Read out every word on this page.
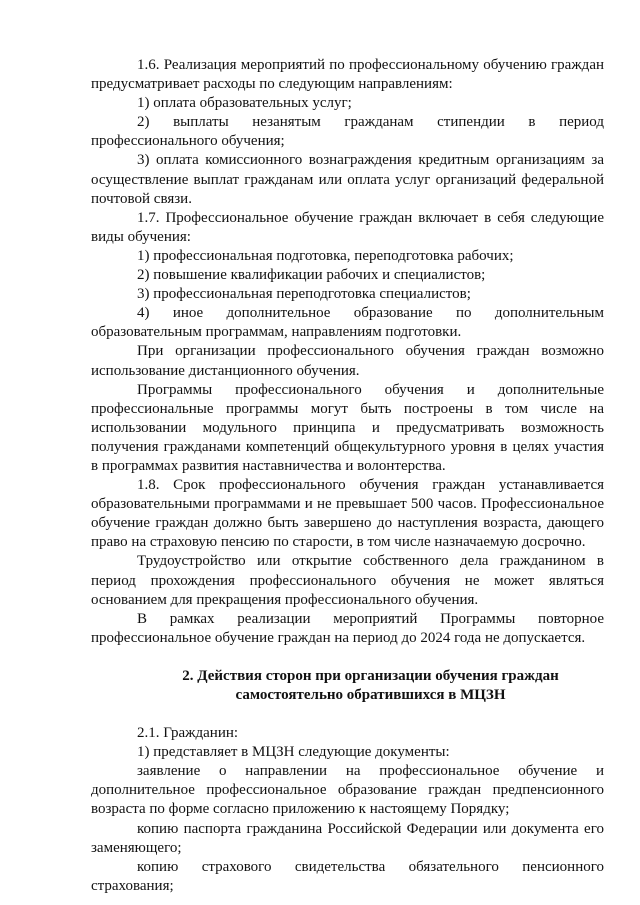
1.6. Реализация мероприятий по профессиональному обучению граждан предусматривает расходы по следующим направлениям:

1) оплата образовательных услуг;

2) выплаты незанятым гражданам стипендии в период профессионального обучения;

3) оплата комиссионного вознаграждения кредитным организациям за осуществление выплат гражданам или оплата услуг организаций федеральной почтовой связи.

1.7. Профессиональное обучение граждан включает в себя следующие виды обучения:

1) профессиональная подготовка, переподготовка рабочих;

2) повышение квалификации рабочих и специалистов;

3) профессиональная переподготовка специалистов;

4) иное дополнительное образование по дополнительным образовательным программам, направлениям подготовки.

При организации профессионального обучения граждан возможно использование дистанционного обучения.

Программы профессионального обучения и дополнительные профессиональные программы могут быть построены в том числе на использовании модульного принципа и предусматривать возможность получения гражданами компетенций общекультурного уровня в целях участия в программах развития наставничества и волонтерства.

1.8. Срок профессионального обучения граждан устанавливается образовательными программами и не превышает 500 часов. Профессиональное обучение граждан должно быть завершено до наступления возраста, дающего право на страховую пенсию по старости, в том числе назначаемую досрочно.

Трудоустройство или открытие собственного дела гражданином в период прохождения профессионального обучения не может являться основанием для прекращения профессионального обучения.

В рамках реализации мероприятий Программы повторное профессиональное обучение граждан на период до 2024 года не допускается.

2. Действия сторон при организации обучения граждан
самостоятельно обратившихся в МЦЗН

2.1. Гражданин:

1) представляет в МЦЗН следующие документы:

заявление о направлении на профессиональное обучение и дополнительное профессиональное образование граждан предпенсионного возраста по форме согласно приложению к настоящему Порядку;

копию паспорта гражданина Российской Федерации или документа его заменяющего;

копию страхового свидетельства обязательного пенсионного страхования;
